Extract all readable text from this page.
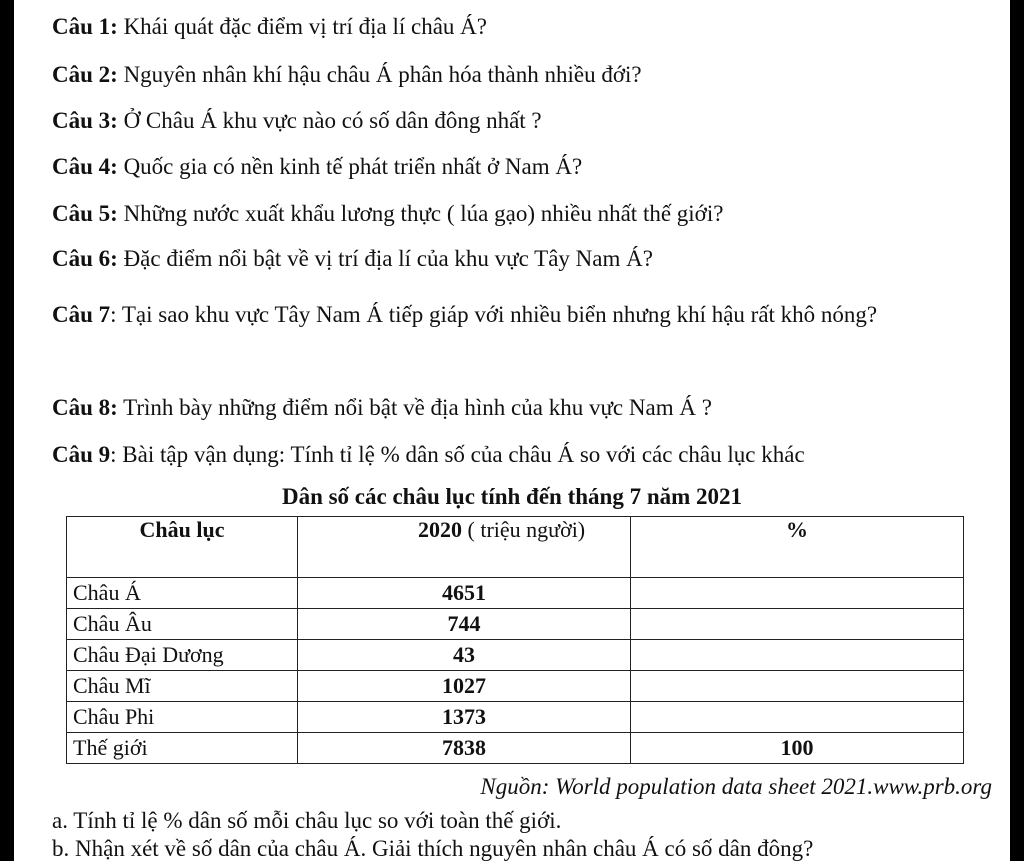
Câu 1: Khái quát đặc điểm vị trí địa lí châu Á?
Câu 2: Nguyên nhân khí hậu châu Á phân hóa thành nhiều đới?
Câu 3: Ở Châu Á khu vực nào có số dân đông nhất ?
Câu 4: Quốc gia có nền kinh tế phát triển nhất ở Nam Á?
Câu 5: Những nước xuất khẩu lương thực ( lúa gạo) nhiều nhất thế giới?
Câu 6: Đặc điểm nổi bật về vị trí địa lí của khu vực Tây Nam Á?
Câu 7: Tại sao khu vực Tây Nam Á tiếp giáp với nhiều biển nhưng khí hậu rất khô nóng?
Câu 8: Trình bày những điểm nổi bật về địa hình của khu vực Nam Á ?
Câu 9: Bài tập vận dụng: Tính tỉ lệ % dân số của châu Á so với các châu lục khác
Dân số các châu lục tính đến tháng 7 năm 2021
Châu lục	2020 ( triệu người)	%
Châu Á	4651	
Châu Âu	744	
Châu Đại Dương	43	
Châu Mĩ	1027	
Châu Phi	1373	
Thế giới	7838	100
Nguồn: World population data sheet 2021.www.prb.org
a. Tính tỉ lệ % dân số mỗi châu lục so với toàn thế giới.
b. Nhận xét về số dân của châu Á. Giải thích nguyên nhân châu Á có số dân đông?
